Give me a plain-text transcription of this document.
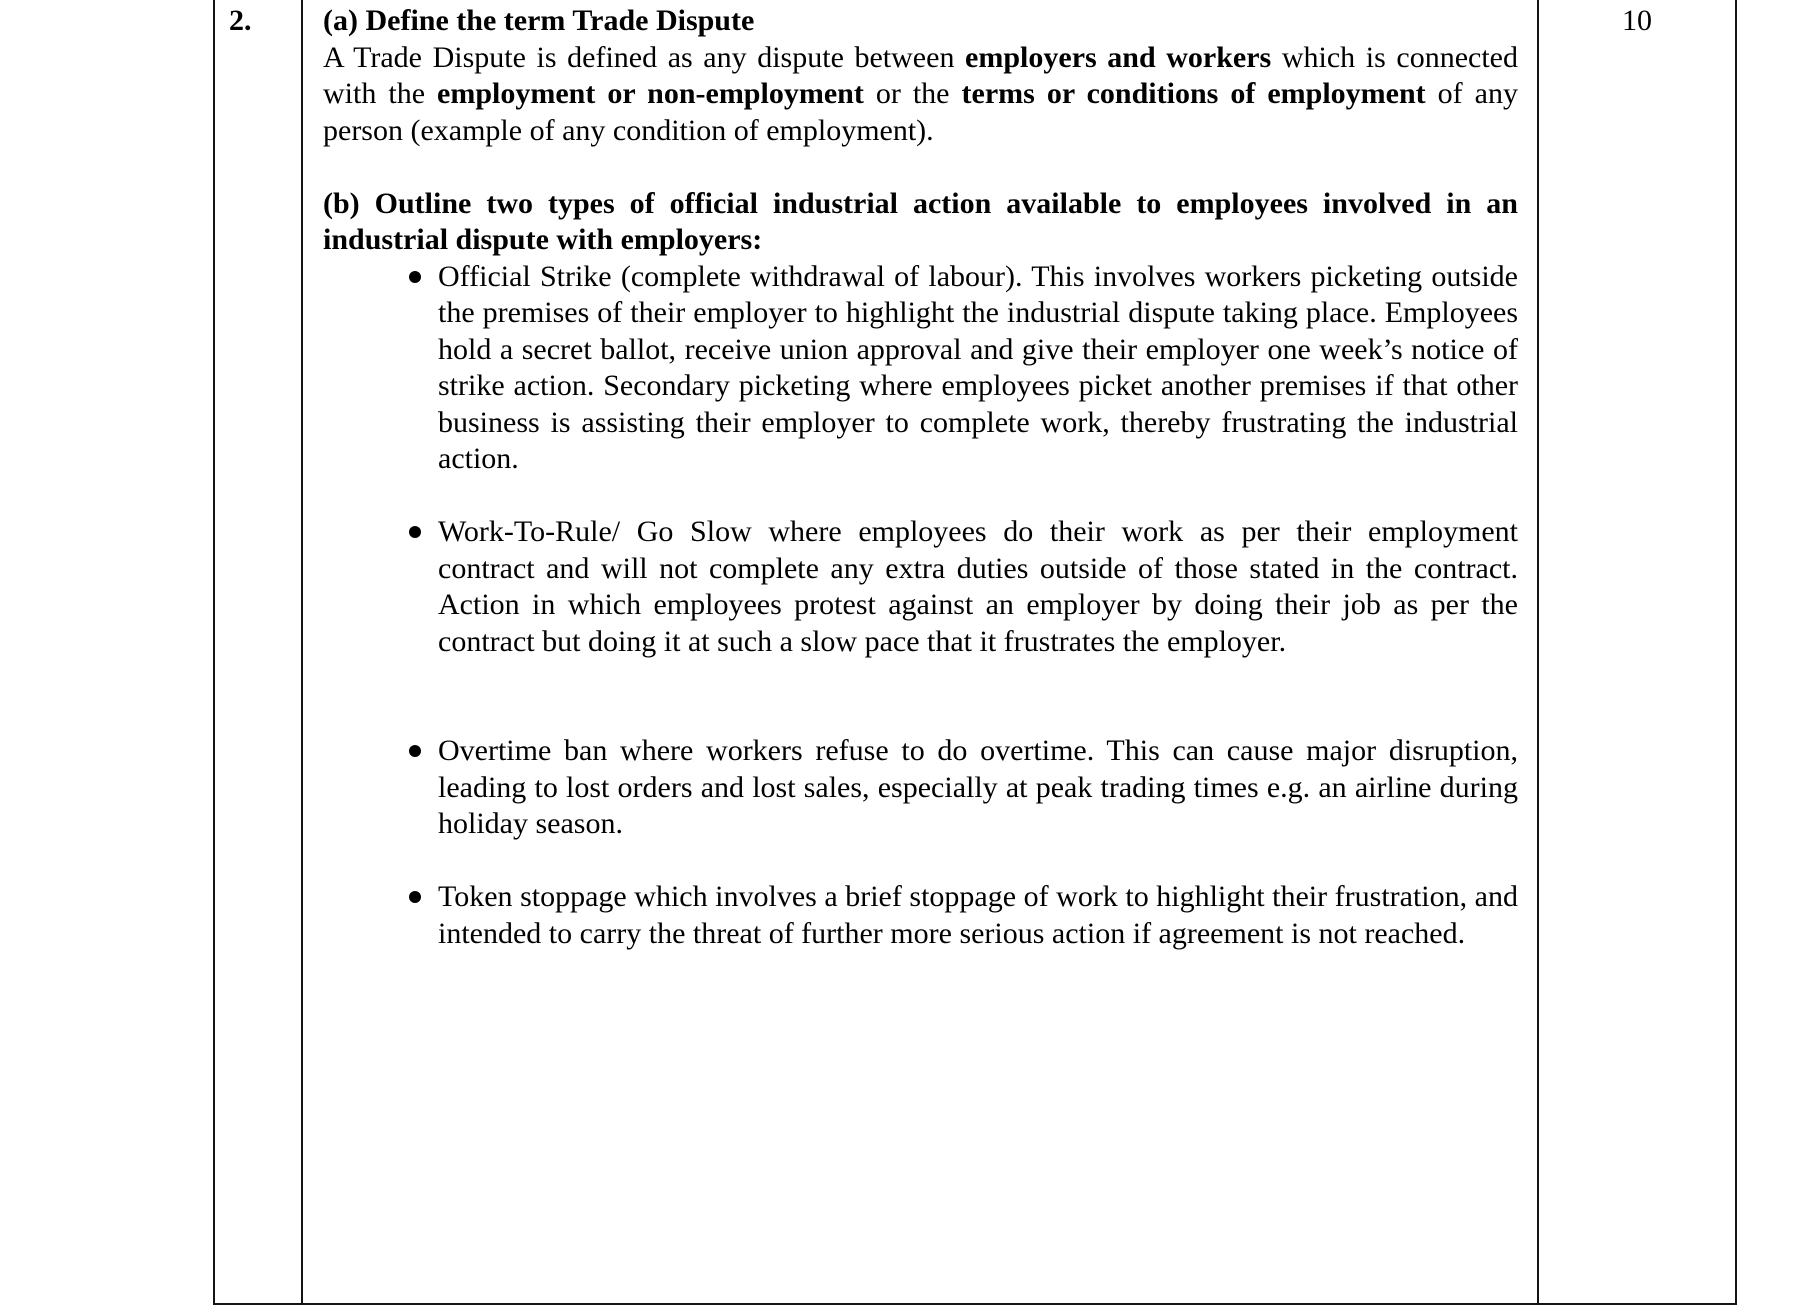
2.	(a) Define the term Trade Dispute

A Trade Dispute is defined as any dispute between employers and workers which is connected with the employment or non-employment or the terms or conditions of employment of any person (example of any condition of employment).

(b) Outline two types of official industrial action available to employees involved in an industrial dispute with employers:

Official Strike (complete withdrawal of labour). This involves workers picketing outside the premises of their employer to highlight the industrial dispute taking place. Employees hold a secret ballot, receive union approval and give their employer one week’s notice of strike action. Secondary picketing where employees picket another premises if that other business is assisting their employer to complete work, thereby frustrating the industrial action.
Work-To-Rule/ Go Slow where employees do their work as per their employment contract and will not complete any extra duties outside of those stated in the contract. Action in which employees protest against an employer by doing their job as per the contract but doing it at such a slow pace that it frustrates the employer.
Overtime ban where workers refuse to do overtime. This can cause major disruption, leading to lost orders and lost sales, especially at peak trading times e.g. an airline during holiday season.
Token stoppage which involves a brief stoppage of work to highlight their frustration, and intended to carry the threat of further more serious action if agreement is not reached.
10
